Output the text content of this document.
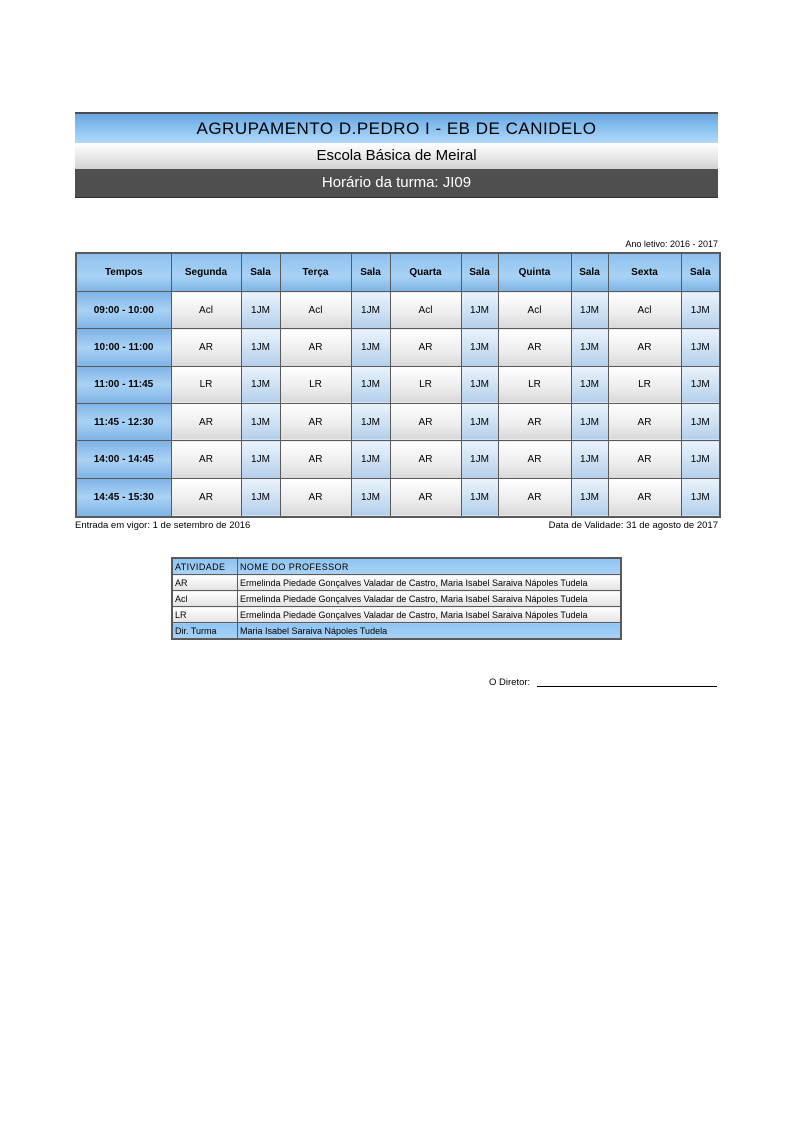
AGRUPAMENTO D.PEDRO I - EB DE CANIDELO
Escola Básica de Meiral
Horário da turma: JI09
Ano letivo: 2016 - 2017
Tempos	Segunda	Sala	Terça	Sala	Quarta	Sala	Quinta	Sala	Sexta	Sala
09:00 - 10:00	Acl	1JM	Acl	1JM	Acl	1JM	Acl	1JM	Acl	1JM
10:00 - 11:00	AR	1JM	AR	1JM	AR	1JM	AR	1JM	AR	1JM
11:00 - 11:45	LR	1JM	LR	1JM	LR	1JM	LR	1JM	LR	1JM
11:45 - 12:30	AR	1JM	AR	1JM	AR	1JM	AR	1JM	AR	1JM
14:00 - 14:45	AR	1JM	AR	1JM	AR	1JM	AR	1JM	AR	1JM
14:45 - 15:30	AR	1JM	AR	1JM	AR	1JM	AR	1JM	AR	1JM
Entrada em vigor: 1 de setembro de 2016	Data de Validade: 31 de agosto de 2017
ATIVIDADE	NOME DO PROFESSOR
AR	Ermelinda Piedade Gonçalves Valadar de Castro, Maria Isabel Saraiva Nápoles Tudela
Acl	Ermelinda Piedade Gonçalves Valadar de Castro, Maria Isabel Saraiva Nápoles Tudela
LR	Ermelinda Piedade Gonçalves Valadar de Castro, Maria Isabel Saraiva Nápoles Tudela
Dir. Turma	Maria Isabel Saraiva Nápoles Tudela
O Diretor:
